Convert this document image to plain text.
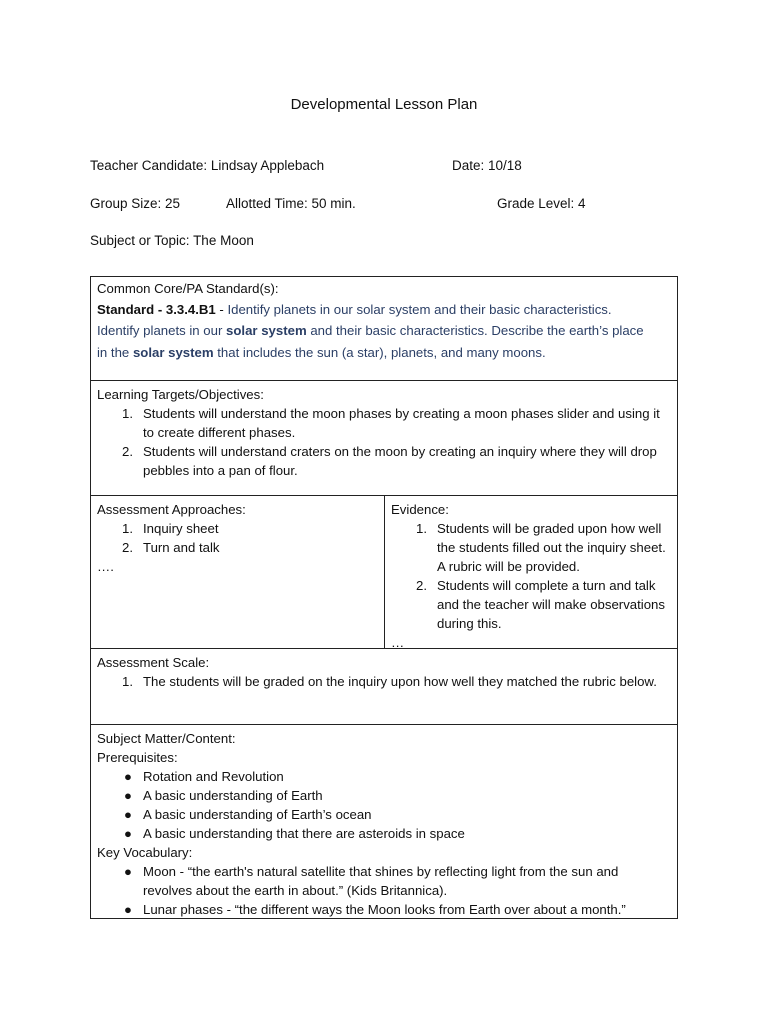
Developmental Lesson Plan
Teacher Candidate: Lindsay Applebach	Date: 10/18
Group Size: 25	Allotted Time: 50 min.	Grade Level: 4
Subject or Topic: The Moon
Common Core/PA Standard(s):
Standard - 3.3.4.B1 - Identify planets in our solar system and their basic characteristics.
Identify planets in our solar system and their basic characteristics. Describe the earth’s place
in the solar system that includes the sun (a star), planets, and many moons.
Learning Targets/Objectives:
1. Students will understand the moon phases by creating a moon phases slider and using it to create different phases.
2. Students will understand craters on the moon by creating an inquiry where they will drop pebbles into a pan of flour.
Assessment Approaches:
1. Inquiry sheet
2. Turn and talk
….
Evidence:
1. Students will be graded upon how well the students filled out the inquiry sheet. A rubric will be provided.
2. Students will complete a turn and talk and the teacher will make observations during this.
…
Assessment Scale:
1. The students will be graded on the inquiry upon how well they matched the rubric below.
Subject Matter/Content:
Prerequisites:
● Rotation and Revolution
● A basic understanding of Earth
● A basic understanding of Earth’s ocean
● A basic understanding that there are asteroids in space
Key Vocabulary:
● Moon - “the earth's natural satellite that shines by reflecting light from the sun and revolves about the earth in about.” (Kids Britannica).
● Lunar phases - “the different ways the Moon looks from Earth over about a month.”
